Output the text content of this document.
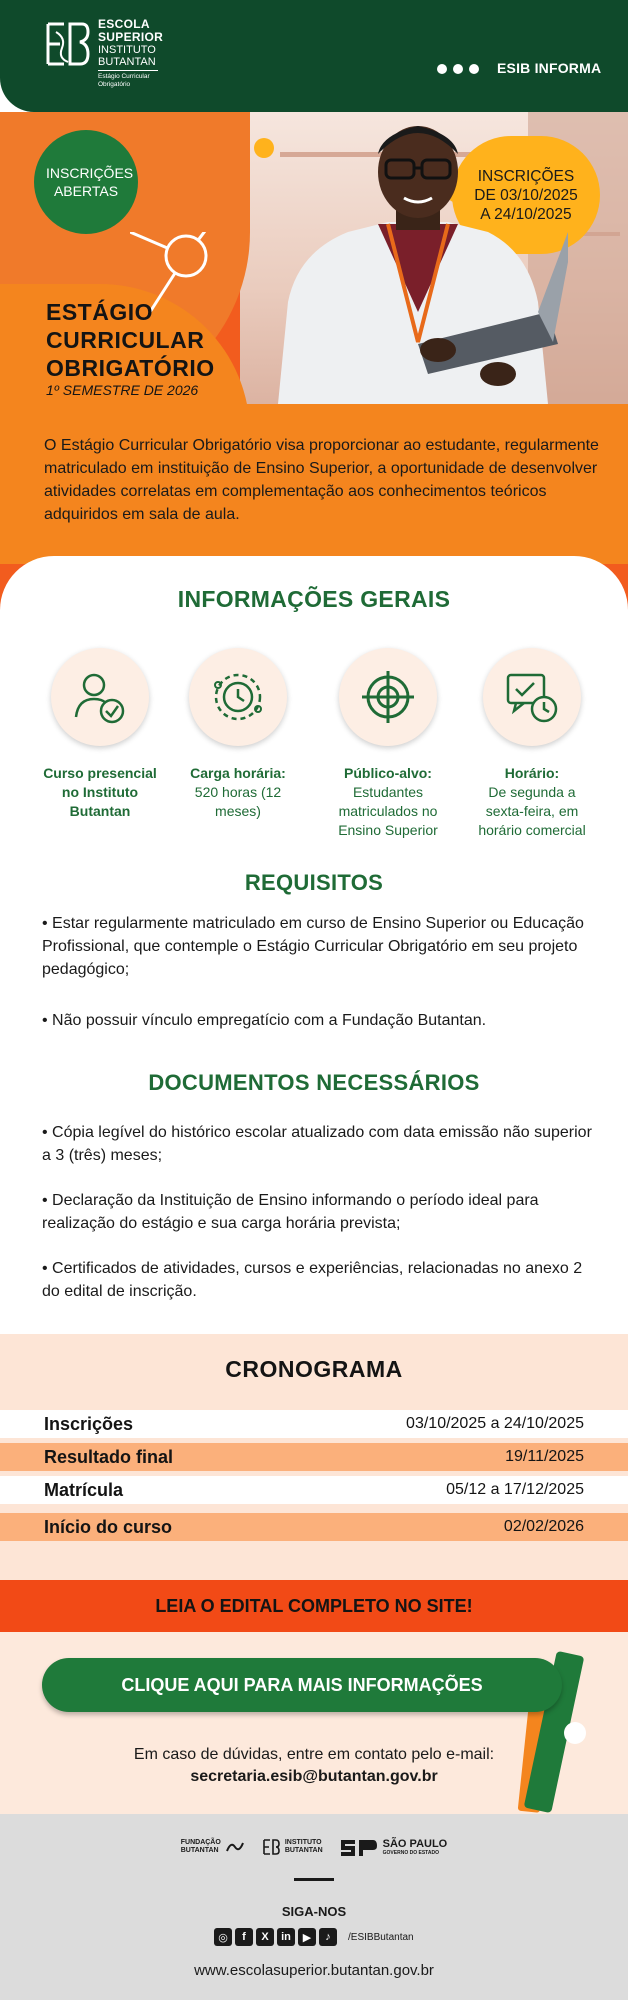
ESCOLA
SUPERIOR
INSTITUTO
BUTANTAN
Estágio Curricular Obrigatório
ESIB INFORMA
INSCRIÇÕES ABERTAS
INSCRIÇÕES
DE 03/10/2025
A 24/10/2025
ESTÁGIO
CURRICULAR
OBRIGATÓRIO
1º SEMESTRE DE 2026
O Estágio Curricular Obrigatório visa proporcionar ao estudante, regularmente matriculado em instituição de Ensino Superior, a oportunidade de desenvolver atividades correlatas em complementação aos conhecimentos teóricos adquiridos em sala de aula.
INFORMAÇÕES GERAIS
Curso presencial no Instituto Butantan
Carga horária:
520 horas (12 meses)
Público-alvo:
Estudantes matriculados no Ensino Superior
Horário:
De segunda a sexta-feira, em horário comercial
REQUISITOS
• Estar regularmente matriculado em curso de Ensino Superior ou Educação Profissional, que contemple o Estágio Curricular Obrigatório em seu projeto pedagógico;
• Não possuir vínculo empregatício com a Fundação Butantan.
DOCUMENTOS NECESSÁRIOS
• Cópia legível do histórico escolar atualizado com data emissão não superior a 3 (três) meses;
• Declaração da Instituição de Ensino informando o período ideal para realização do estágio e sua carga horária prevista;
• Certificados de atividades, cursos e experiências, relacionadas no anexo 2 do edital de inscrição.
CRONOGRAMA
Inscrições	03/10/2025 a 24/10/2025
Resultado final	19/11/2025
Matrícula	05/12 a 17/12/2025
Início do curso	02/02/2026
LEIA O EDITAL COMPLETO NO SITE!
CLIQUE AQUI PARA MAIS INFORMAÇÕES
Em caso de dúvidas, entre em contato pelo e-mail:
secretaria.esib@butantan.gov.br
FUNDAÇÃO
BUTANTAN
INSTITUTO
BUTANTAN
SÃO PAULO
GOVERNO DO ESTADO
SIGA-NOS
◎	f	X	in	▶	♪	/ESIBButantan
www.escolasuperior.butantan.gov.br
